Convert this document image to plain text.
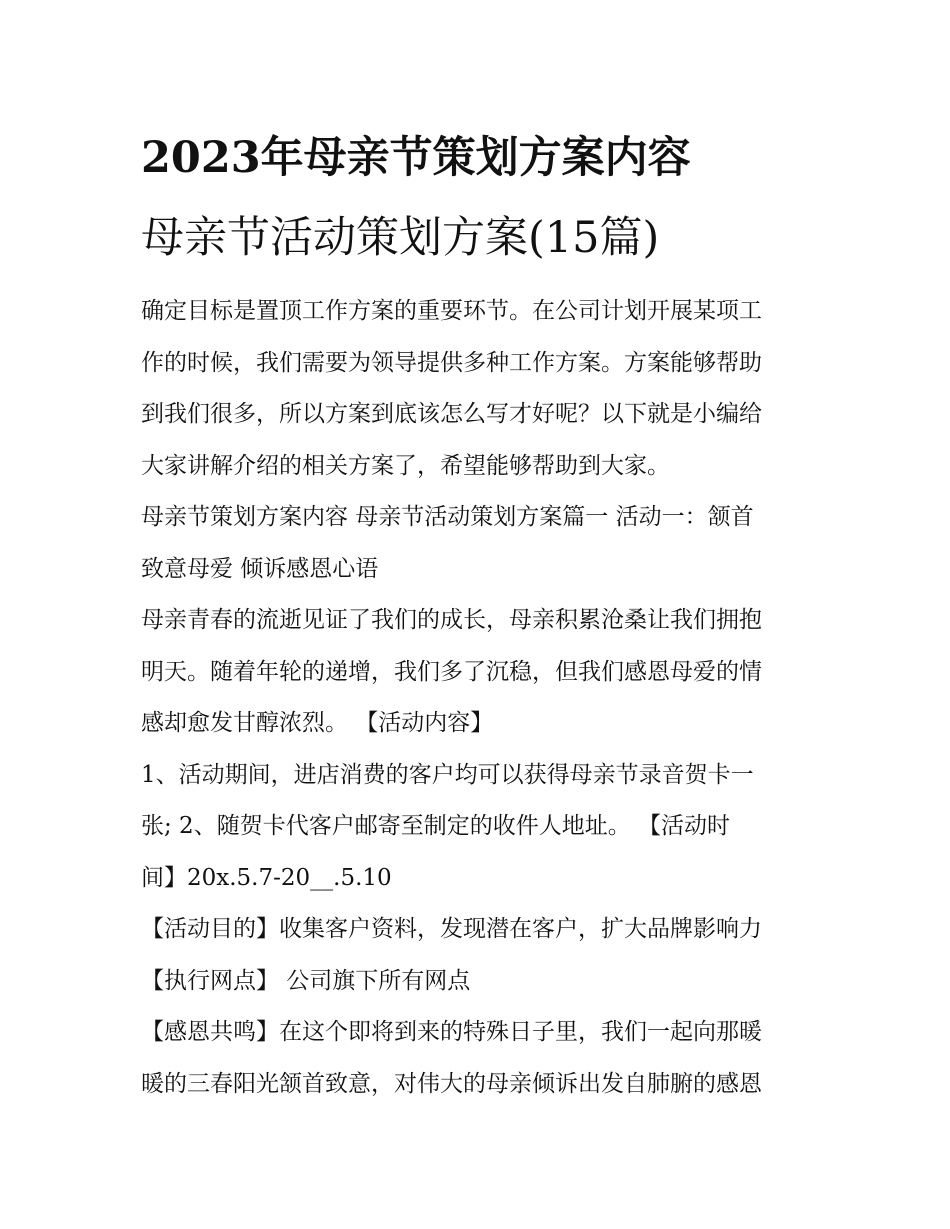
2023年母亲节策划方案内容
母亲节活动策划方案(15篇)

确定目标是置顶工作方案的重要环节。在公司计划开展某项工
作的时候，我们需要为领导提供多种工作方案。方案能够帮助
到我们很多，所以方案到底该怎么写才好呢？以下就是小编给
大家讲解介绍的相关方案了，希望能够帮助到大家。

母亲节策划方案内容 母亲节活动策划方案篇一 活动一：颔首
致意母爱 倾诉感恩心语

母亲青春的流逝见证了我们的成长，母亲积累沧桑让我们拥抱
明天。随着年轮的递增，我们多了沉稳，但我们感恩母爱的情
感却愈发甘醇浓烈。 【活动内容】

1、活动期间，进店消费的客户均可以获得母亲节录音贺卡一
张; 2、随贺卡代客户邮寄至制定的收件人地址。 【活动时
间】20x.5.7-20__.5.10

【活动目的】收集客户资料，发现潜在客户，扩大品牌影响力

【执行网点】 公司旗下所有网点

【感恩共鸣】在这个即将到来的特殊日子里，我们一起向那暖
暖的三春阳光颔首致意，对伟大的母亲倾诉出发自肺腑的感恩
